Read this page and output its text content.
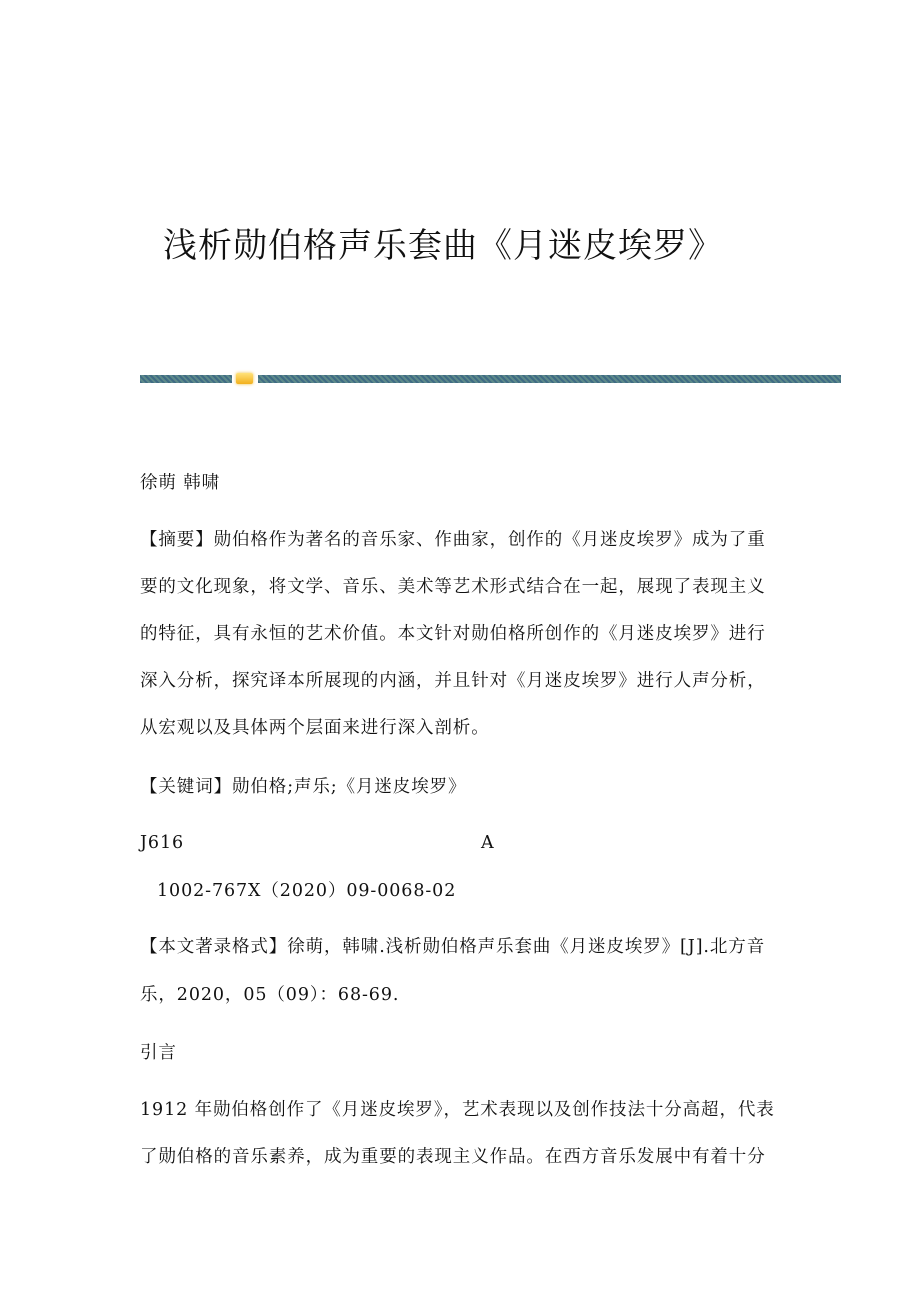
浅析勋伯格声乐套曲《月迷皮埃罗》
徐萌 韩啸
【摘要】勋伯格作为著名的音乐家、作曲家，创作的《月迷皮埃罗》成为了重
要的文化现象，将文学、音乐、美术等艺术形式结合在一起，展现了表现主义
的特征，具有永恒的艺术价值。本文针对勋伯格所创作的《月迷皮埃罗》进行
深入分析，探究译本所展现的内涵，并且针对《月迷皮埃罗》进行人声分析，
从宏观以及具体两个层面来进行深入剖析。
【关键词】勋伯格;声乐;《月迷皮埃罗》
J616	A
1002-767X（2020）09-0068-02
【本文著录格式】徐萌，韩啸.浅析勋伯格声乐套曲《月迷皮埃罗》[J].北方音
乐，2020，05（09）：68-69.
引言
1912 年勋伯格创作了《月迷皮埃罗》，艺术表现以及创作技法十分高超，代表
了勋伯格的音乐素养，成为重要的表现主义作品。在西方音乐发展中有着十分
